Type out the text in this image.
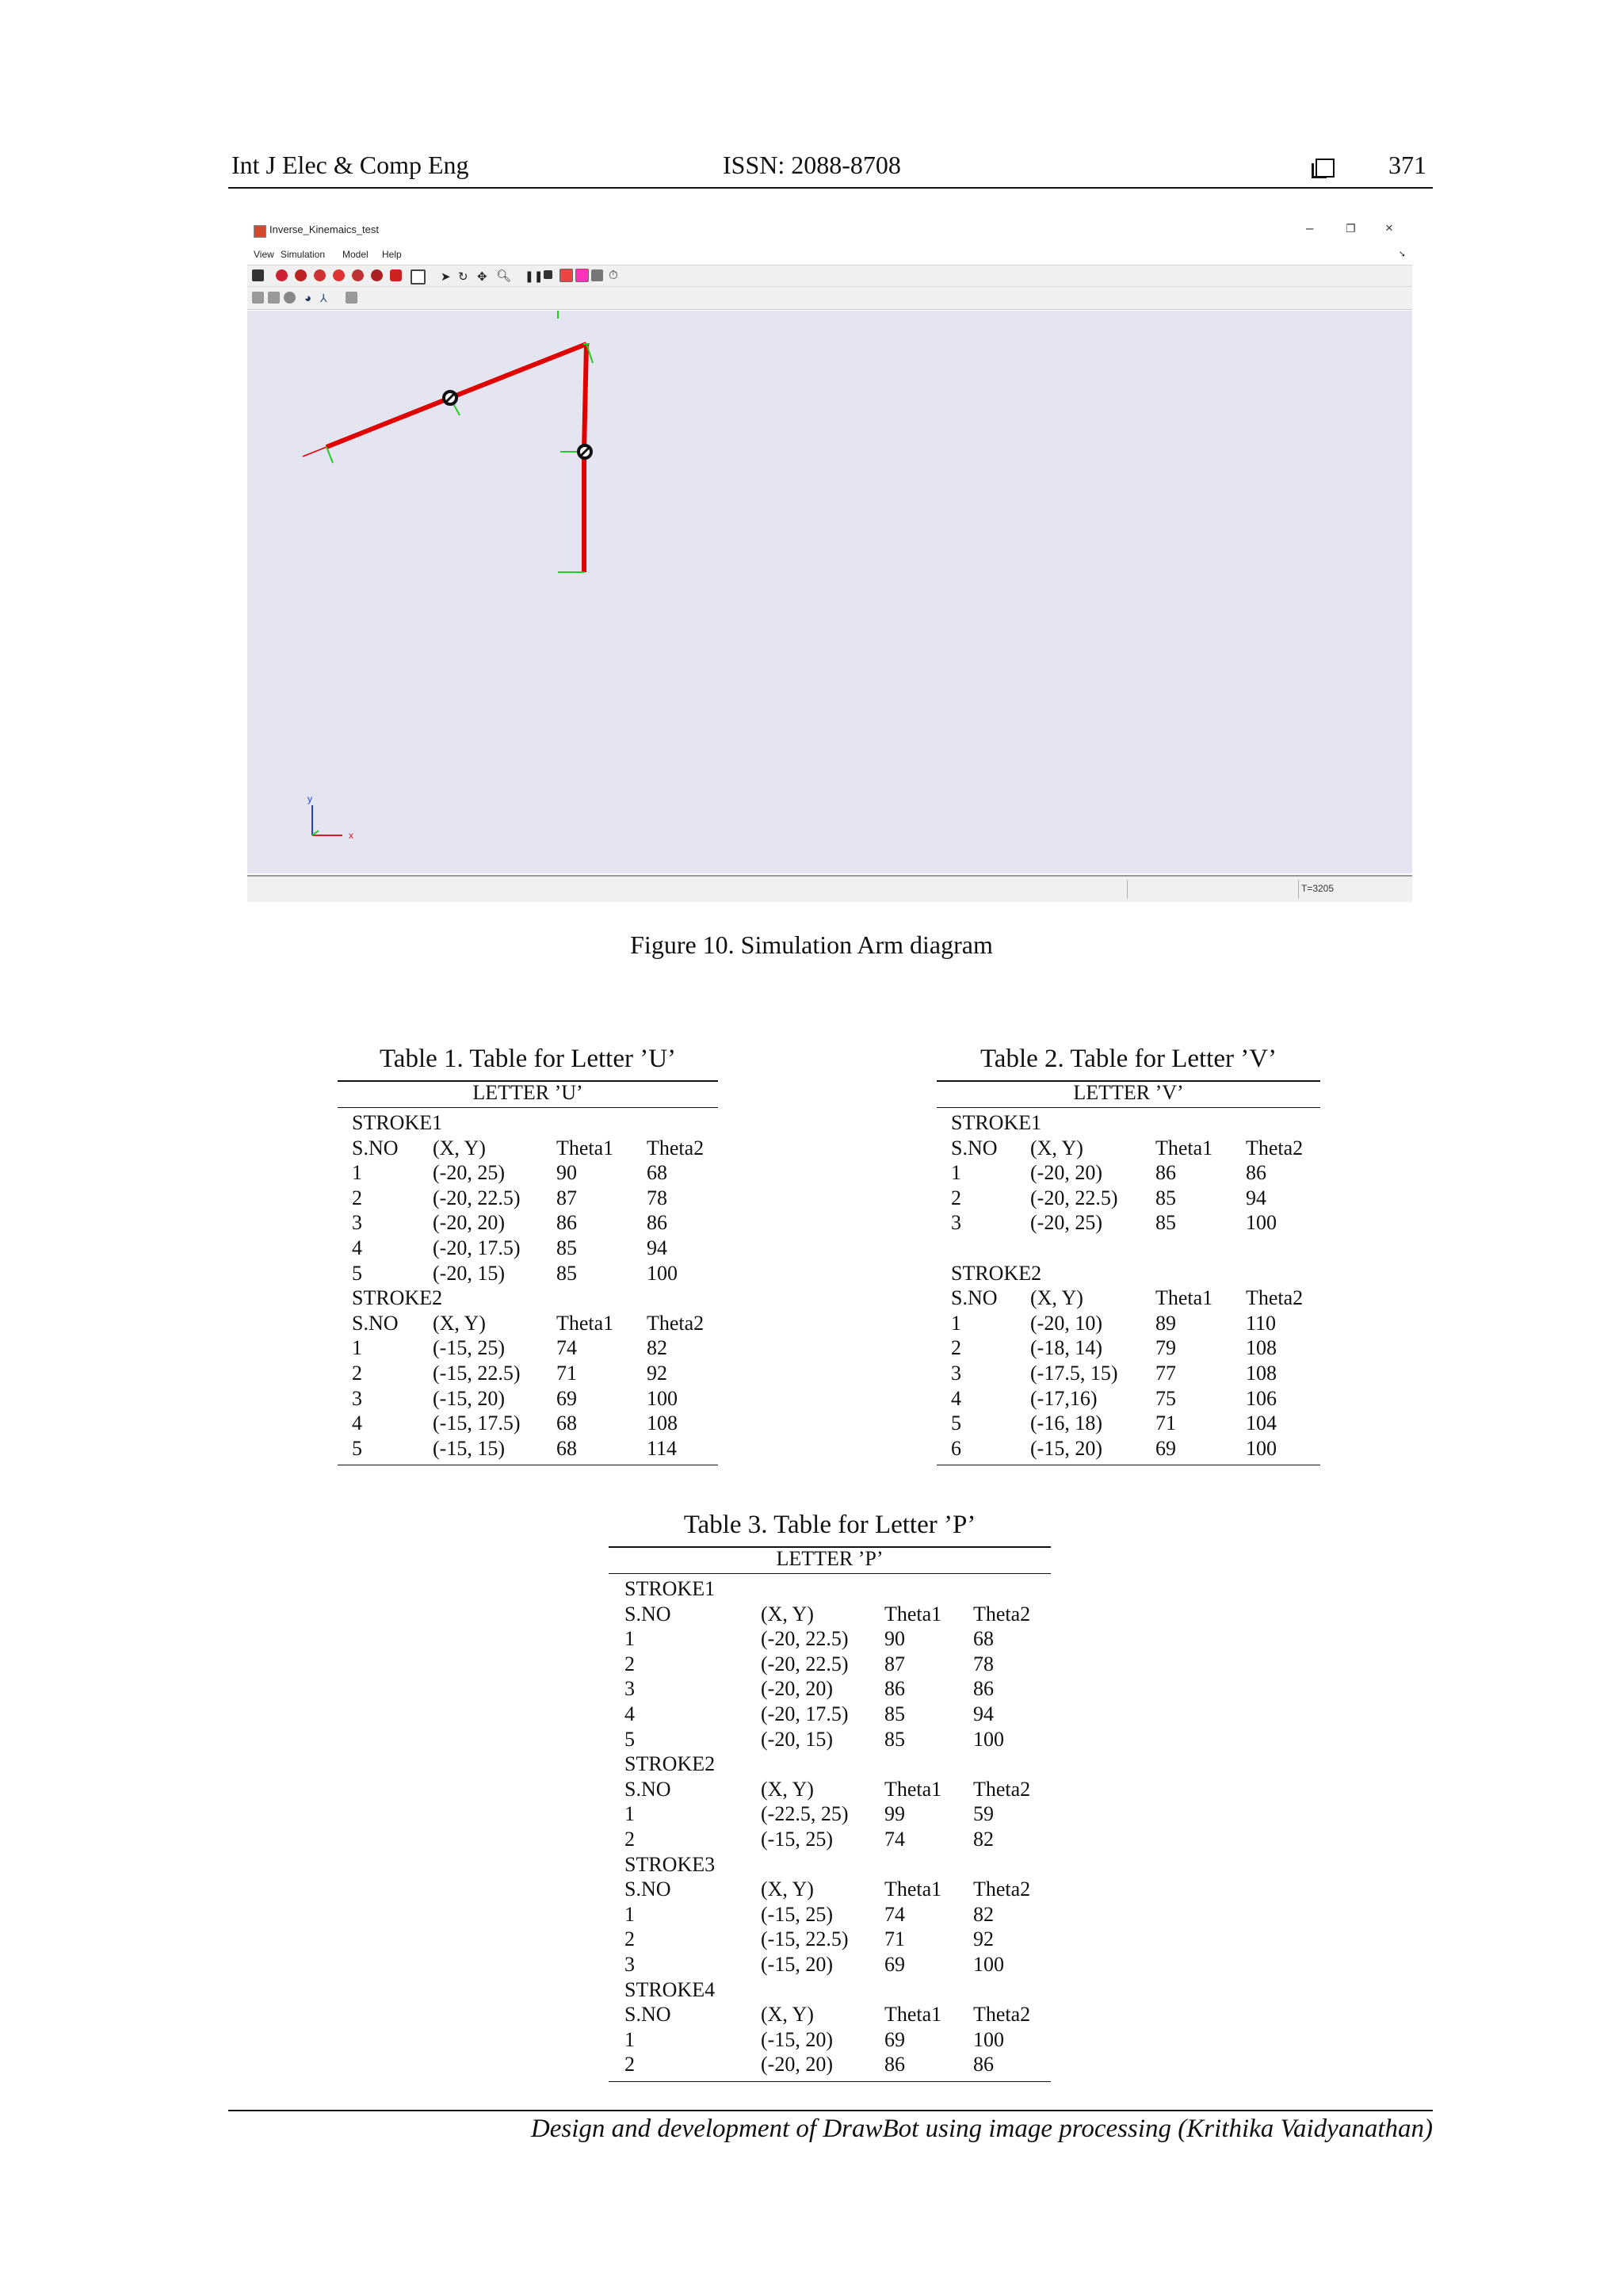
Int J Elec & Comp Eng	ISSN: 2088-8708	371
Inverse_Kinemaics_test	–	❐ ×
View Simulation Model Help	➘
➤ ↻ ✥ 🔍︎ ❚❚	⏱
◕ ⅄
x
y
T=3205
Figure 10. Simulation Arm diagram
Table 1. Table for Letter ’U’
LETTER ’U’
STROKE1
S.NO (X, Y)	Theta1 Theta2
1	(-20, 25)	90	68
2	(-20, 22.5) 87	78
3	(-20, 20)	86	86
4	(-20, 17.5) 85	94
5	(-20, 15)	85	100
STROKE2
S.NO (X, Y)	Theta1 Theta2
1	(-15, 25)	74	82
2	(-15, 22.5) 71	92
3	(-15, 20)	69	100
4	(-15, 17.5) 68	108
5	(-15, 15)	68	114
Table 2. Table for Letter ’V’
LETTER ’V’
STROKE1
S.NO (X, Y)	Theta1 Theta2
1	(-20, 20)	86	86
2	(-20, 22.5) 85	94
3	(-20, 25)	85	100
STROKE2
S.NO (X, Y)	Theta1 Theta2
1	(-20, 10)	89	110
2	(-18, 14)	79	108
3	(-17.5, 15) 77	108
4	(-17,16)	75	106
5	(-16, 18)	71	104
6	(-15, 20)	69	100
Table 3. Table for Letter ’P’
LETTER ’P’
STROKE1
S.NO	(X, Y)	Theta1 Theta2
1	(-20, 22.5) 90	68
2	(-20, 22.5) 87	78
3	(-20, 20)	86	86
4	(-20, 17.5) 85	94
5	(-20, 15)	85	100
STROKE2
S.NO	(X, Y)	Theta1 Theta2
1	(-22.5, 25) 99	59
2	(-15, 25)	74	82
STROKE3
S.NO	(X, Y)	Theta1 Theta2
1	(-15, 25)	74	82
2	(-15, 22.5) 71	92
3	(-15, 20)	69	100
STROKE4
S.NO	(X, Y)	Theta1 Theta2
1	(-15, 20)	69	100
2	(-20, 20)	86	86
Design and development of DrawBot using image processing (Krithika Vaidyanathan)
